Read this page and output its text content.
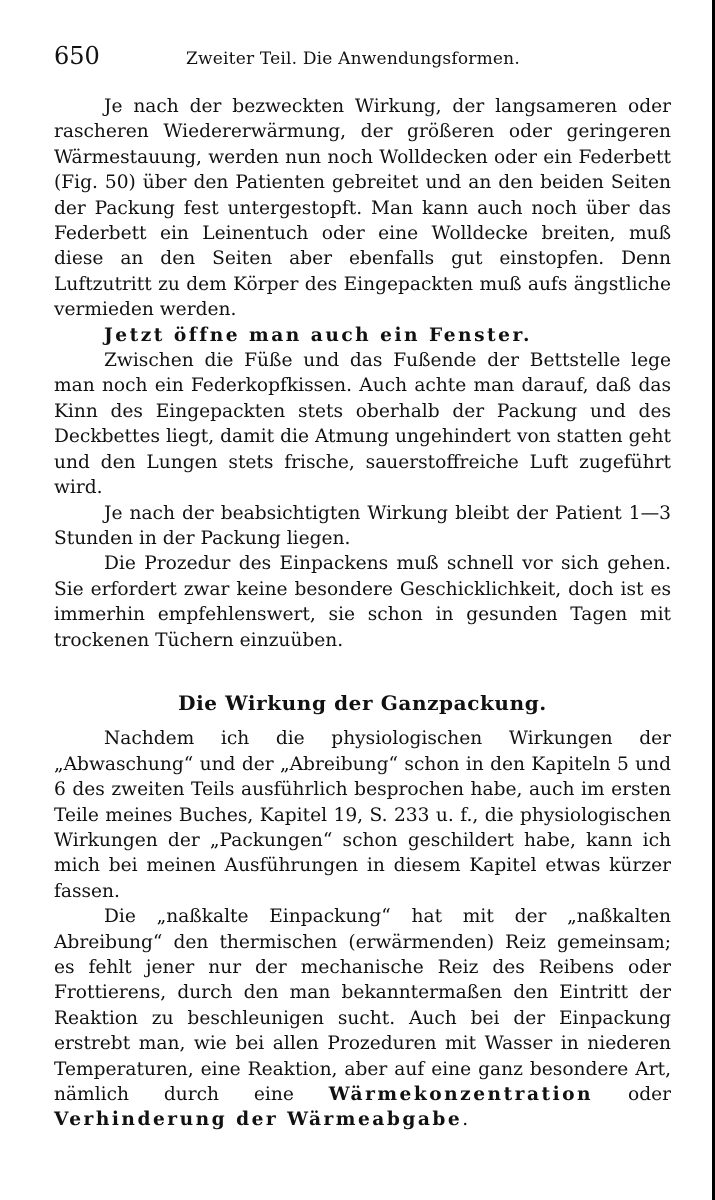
650	Zweiter Teil. Die Anwendungsformen.

Je nach der bezweckten Wirkung, der langsameren oder rascheren Wiedererwärmung, der größeren oder geringeren Wärmestauung, werden nun noch Wolldecken oder ein Federbett (Fig. 50) über den Patienten gebreitet und an den beiden Seiten der Packung fest untergestopft. Man kann auch noch über das Federbett ein Leinentuch oder eine Wolldecke breiten, muß diese an den Seiten aber ebenfalls gut einstopfen. Denn Luftzutritt zu dem Körper des Eingepackten muß aufs ängstliche vermieden werden.

Jetzt öffne man auch ein Fenster.

Zwischen die Füße und das Fußende der Bettstelle lege man noch ein Federkopfkissen. Auch achte man darauf, daß das Kinn des Eingepackten stets oberhalb der Packung und des Deckbettes liegt, damit die Atmung ungehindert von statten geht und den Lungen stets frische, sauerstoffreiche Luft zugeführt wird.

Je nach der beabsichtigten Wirkung bleibt der Patient 1—3 Stunden in der Packung liegen.

Die Prozedur des Einpackens muß schnell vor sich gehen. Sie erfordert zwar keine besondere Geschicklichkeit, doch ist es immerhin empfehlenswert, sie schon in gesunden Tagen mit trockenen Tüchern einzuüben.

Die Wirkung der Ganzpackung.

Nachdem ich die physiologischen Wirkungen der „Abwaschung“ und der „Abreibung“ schon in den Kapiteln 5 und 6 des zweiten Teils ausführlich besprochen habe, auch im ersten Teile meines Buches, Kapitel 19, S. 233 u. f., die physiologischen Wirkungen der „Packungen“ schon geschildert habe, kann ich mich bei meinen Ausführungen in diesem Kapitel etwas kürzer fassen.

Die „naßkalte Einpackung“ hat mit der „naßkalten Abreibung“ den thermischen (erwärmenden) Reiz gemeinsam; es fehlt jener nur der mechanische Reiz des Reibens oder Frottierens, durch den man bekanntermaßen den Eintritt der Reaktion zu beschleunigen sucht. Auch bei der Einpackung erstrebt man, wie bei allen Prozeduren mit Wasser in niederen Temperaturen, eine Reaktion, aber auf eine ganz besondere Art, nämlich durch eine Wärmekonzentration oder Verhinderung der Wärmeabgabe.
